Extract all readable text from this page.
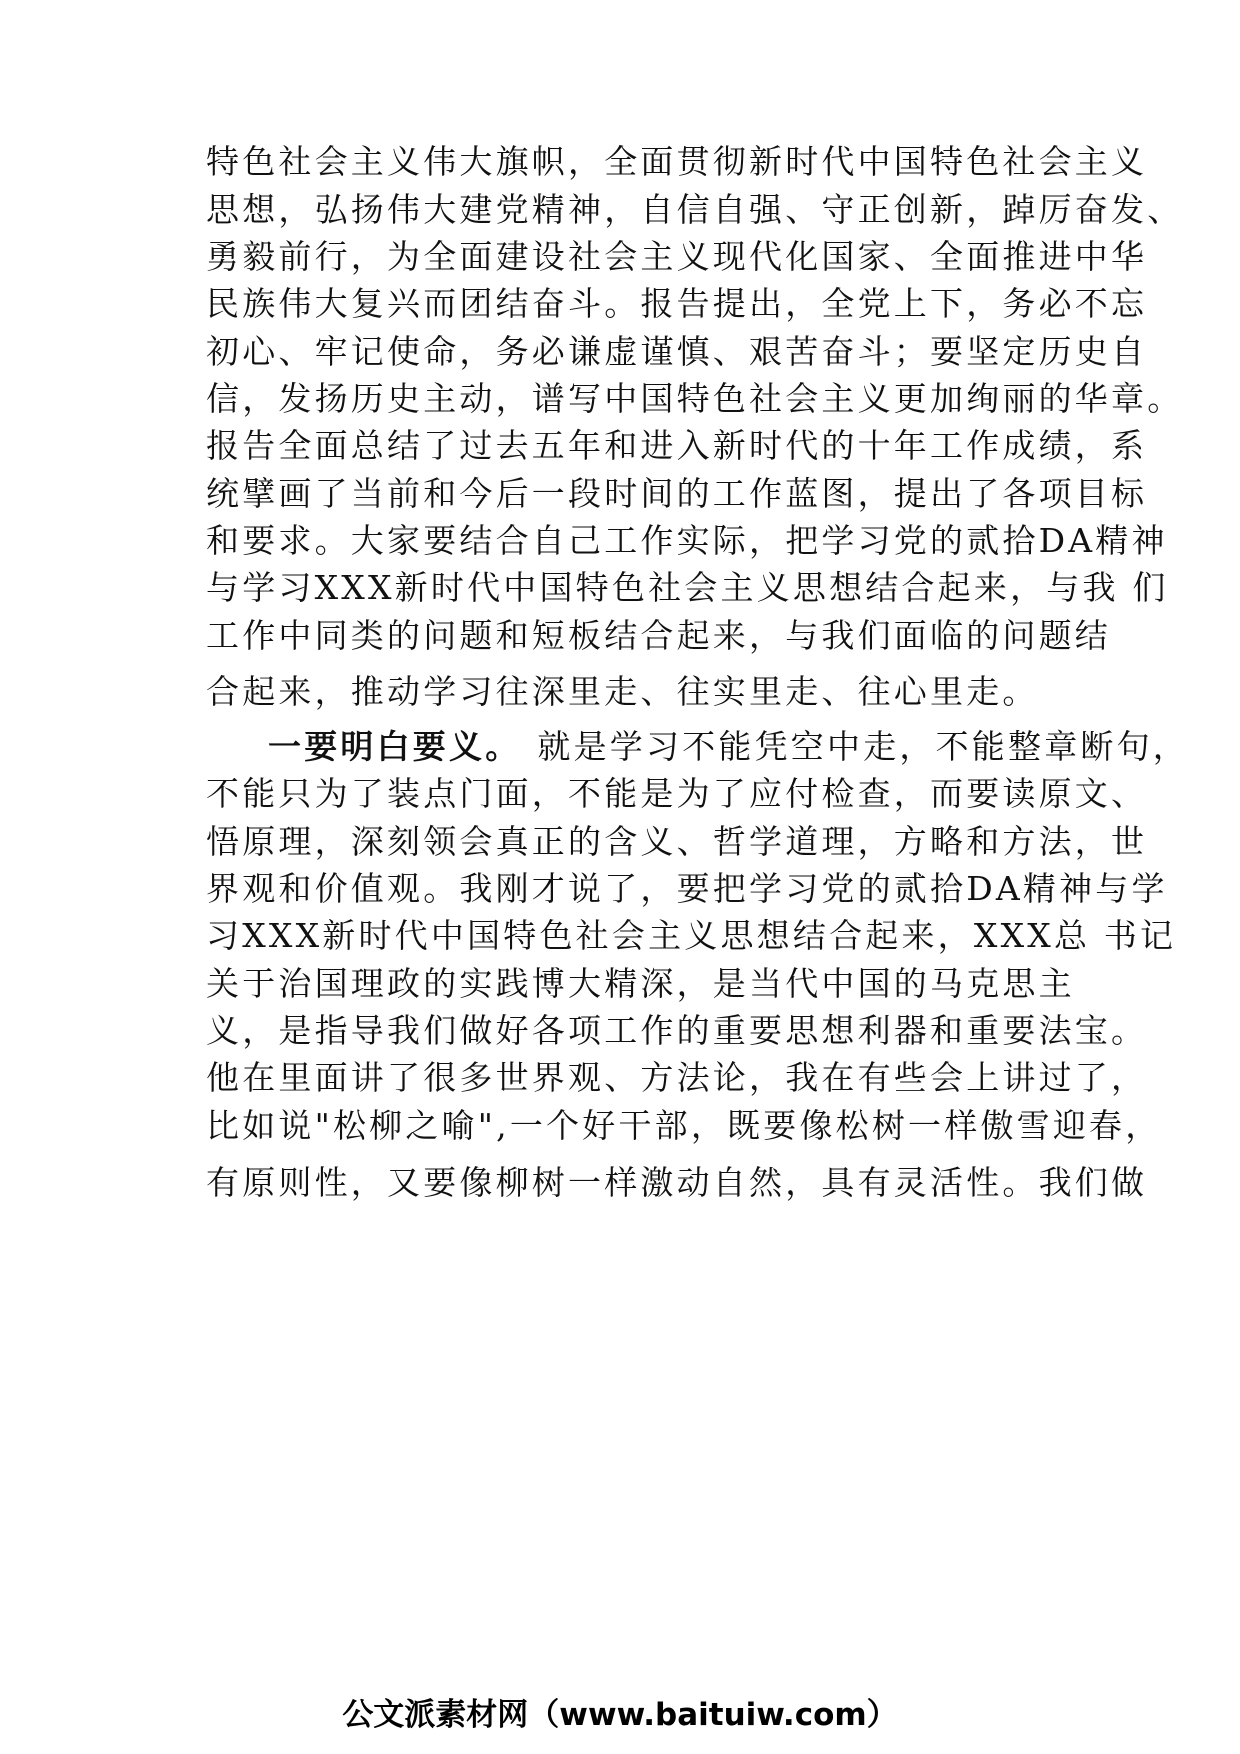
特色社会主义伟大旗帜，全面贯彻新时代中国特色社会主义
思想，弘扬伟大建党精神，自信自强、守正创新，踔厉奋发、
勇毅前行，为全面建设社会主义现代化国家、全面推进中华
民族伟大复兴而团结奋斗。报告提出，全党上下，务必不忘
初心、牢记使命，务必谦虚谨慎、艰苦奋斗；要坚定历史自
信，发扬历史主动，谱写中国特色社会主义更加绚丽的华章。
报告全面总结了过去五年和进入新时代的十年工作成绩，系
统擘画了当前和今后一段时间的工作蓝图，提出了各项目标
和要求。大家要结合自己工作实际，把学习党的贰拾DA精神
与学习XXX新时代中国特色社会主义思想结合起来，与我 们
工作中同类的问题和短板结合起来，与我们面临的问题结
合起来，推动学习往深里走、往实里走、往心里走。
一要明白要义。 就是学习不能凭空中走，不能整章断句，
不能只为了装点门面，不能是为了应付检查，而要读原文、
悟原理，深刻领会真正的含义、哲学道理，方略和方法，世
界观和价值观。我刚才说了，要把学习党的贰拾DA精神与学
习XXX新时代中国特色社会主义思想结合起来，XXX总 书记
关于治国理政的实践博大精深，是当代中国的马克思主
义，是指导我们做好各项工作的重要思想利器和重要法宝。
他在里面讲了很多世界观、方法论，我在有些会上讲过了，
比如说"松柳之喻",一个好干部，既要像松树一样傲雪迎春，
有原则性，又要像柳树一样激动自然，具有灵活性。我们做
公文派素材网（www.baituiw.com）
